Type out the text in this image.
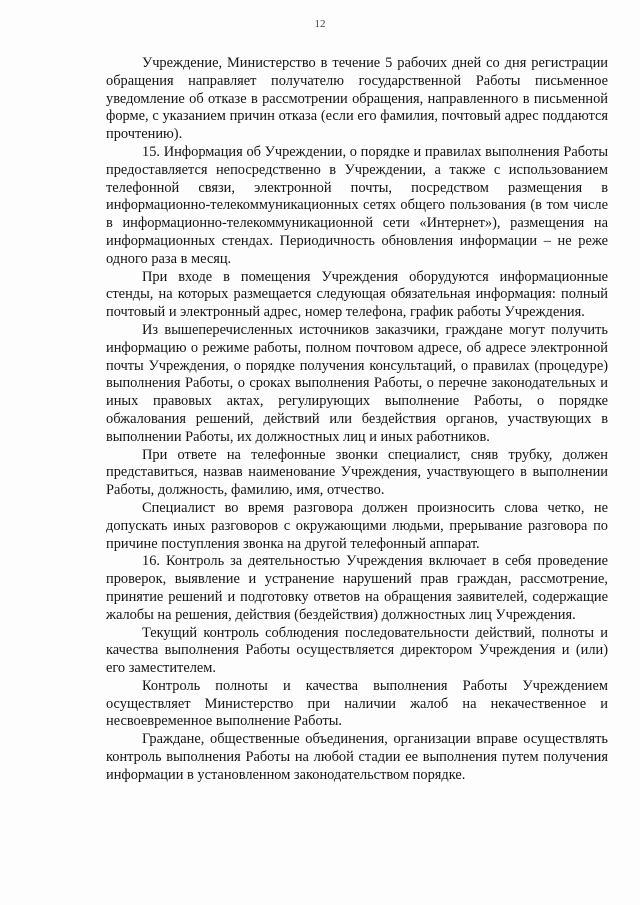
12

Учреждение, Министерство в течение 5 рабочих дней со дня регистрации обращения направляет получателю государственной Работы письменное уведомление об отказе в рассмотрении обращения, направленного в письменной форме, с указанием причин отказа (если его фамилия, почтовый адрес поддаются прочтению).

15. Информация об Учреждении, о порядке и правилах выполнения Работы предоставляется непосредственно в Учреждении, а также с использованием телефонной связи, электронной почты, посредством размещения в информационно-телекоммуникационных сетях общего пользования (в том числе в информационно-телекоммуникационной сети «Интернет»), размещения на информационных стендах. Периодичность обновления информации – не реже одного раза в месяц.

При входе в помещения Учреждения оборудуются информационные стенды, на которых размещается следующая обязательная информация: полный почтовый и электронный адрес, номер телефона, график работы Учреждения.

Из вышеперечисленных источников заказчики, граждане могут получить информацию о режиме работы, полном почтовом адресе, об адресе электронной почты Учреждения, о порядке получения консультаций, о правилах (процедуре) выполнения Работы, о сроках выполнения Работы, о перечне законодательных и иных правовых актах, регулирующих выполнение Работы, о порядке обжалования решений, действий или бездействия органов, участвующих в выполнении Работы, их должностных лиц и иных работников.

При ответе на телефонные звонки специалист, сняв трубку, должен представиться, назвав наименование Учреждения, участвующего в выполнении Работы, должность, фамилию, имя, отчество.

Специалист во время разговора должен произносить слова четко, не допускать иных разговоров с окружающими людьми, прерывание разговора по причине поступления звонка на другой телефонный аппарат.

16. Контроль за деятельностью Учреждения включает в себя проведение проверок, выявление и устранение нарушений прав граждан, рассмотрение, принятие решений и подготовку ответов на обращения заявителей, содержащие жалобы на решения, действия (бездействия) должностных лиц Учреждения.

Текущий контроль соблюдения последовательности действий, полноты и качества выполнения Работы осуществляется директором Учреждения и (или) его заместителем.

Контроль полноты и качества выполнения Работы Учреждением осуществляет Министерство при наличии жалоб на некачественное и несвоевременное выполнение Работы.

Граждане, общественные объединения, организации вправе осуществлять контроль выполнения Работы на любой стадии ее выполнения путем получения информации в установленном законодательством порядке.
